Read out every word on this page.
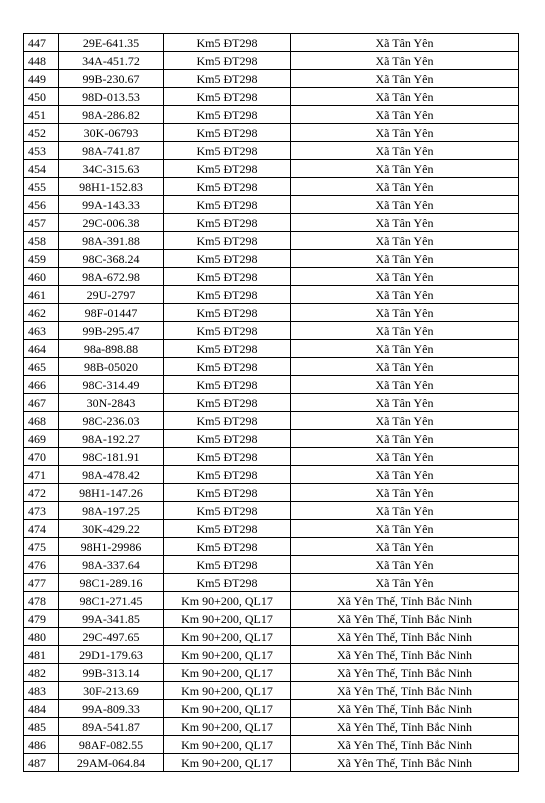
447	29E-641.35	Km5 ĐT298	Xã Tân Yên
448	34A-451.72	Km5 ĐT298	Xã Tân Yên
449	99B-230.67	Km5 ĐT298	Xã Tân Yên
450	98D-013.53	Km5 ĐT298	Xã Tân Yên
451	98A-286.82	Km5 ĐT298	Xã Tân Yên
452	30K-06793	Km5 ĐT298	Xã Tân Yên
453	98A-741.87	Km5 ĐT298	Xã Tân Yên
454	34C-315.63	Km5 ĐT298	Xã Tân Yên
455	98H1-152.83	Km5 ĐT298	Xã Tân Yên
456	99A-143.33	Km5 ĐT298	Xã Tân Yên
457	29C-006.38	Km5 ĐT298	Xã Tân Yên
458	98A-391.88	Km5 ĐT298	Xã Tân Yên
459	98C-368.24	Km5 ĐT298	Xã Tân Yên
460	98A-672.98	Km5 ĐT298	Xã Tân Yên
461	29U-2797	Km5 ĐT298	Xã Tân Yên
462	98F-01447	Km5 ĐT298	Xã Tân Yên
463	99B-295.47	Km5 ĐT298	Xã Tân Yên
464	98a-898.88	Km5 ĐT298	Xã Tân Yên
465	98B-05020	Km5 ĐT298	Xã Tân Yên
466	98C-314.49	Km5 ĐT298	Xã Tân Yên
467	30N-2843	Km5 ĐT298	Xã Tân Yên
468	98C-236.03	Km5 ĐT298	Xã Tân Yên
469	98A-192.27	Km5 ĐT298	Xã Tân Yên
470	98C-181.91	Km5 ĐT298	Xã Tân Yên
471	98A-478.42	Km5 ĐT298	Xã Tân Yên
472	98H1-147.26	Km5 ĐT298	Xã Tân Yên
473	98A-197.25	Km5 ĐT298	Xã Tân Yên
474	30K-429.22	Km5 ĐT298	Xã Tân Yên
475	98H1-29986	Km5 ĐT298	Xã Tân Yên
476	98A-337.64	Km5 ĐT298	Xã Tân Yên
477	98C1-289.16	Km5 ĐT298	Xã Tân Yên
478	98C1-271.45	Km 90+200, QL17	Xã Yên Thế, Tỉnh Bắc Ninh
479	99A-341.85	Km 90+200, QL17	Xã Yên Thế, Tỉnh Bắc Ninh
480	29C-497.65	Km 90+200, QL17	Xã Yên Thế, Tỉnh Bắc Ninh
481	29D1-179.63	Km 90+200, QL17	Xã Yên Thế, Tỉnh Bắc Ninh
482	99B-313.14	Km 90+200, QL17	Xã Yên Thế, Tỉnh Bắc Ninh
483	30F-213.69	Km 90+200, QL17	Xã Yên Thế, Tỉnh Bắc Ninh
484	99A-809.33	Km 90+200, QL17	Xã Yên Thế, Tỉnh Bắc Ninh
485	89A-541.87	Km 90+200, QL17	Xã Yên Thế, Tỉnh Bắc Ninh
486	98AF-082.55	Km 90+200, QL17	Xã Yên Thế, Tỉnh Bắc Ninh
487	29AM-064.84	Km 90+200, QL17	Xã Yên Thế, Tỉnh Bắc Ninh
